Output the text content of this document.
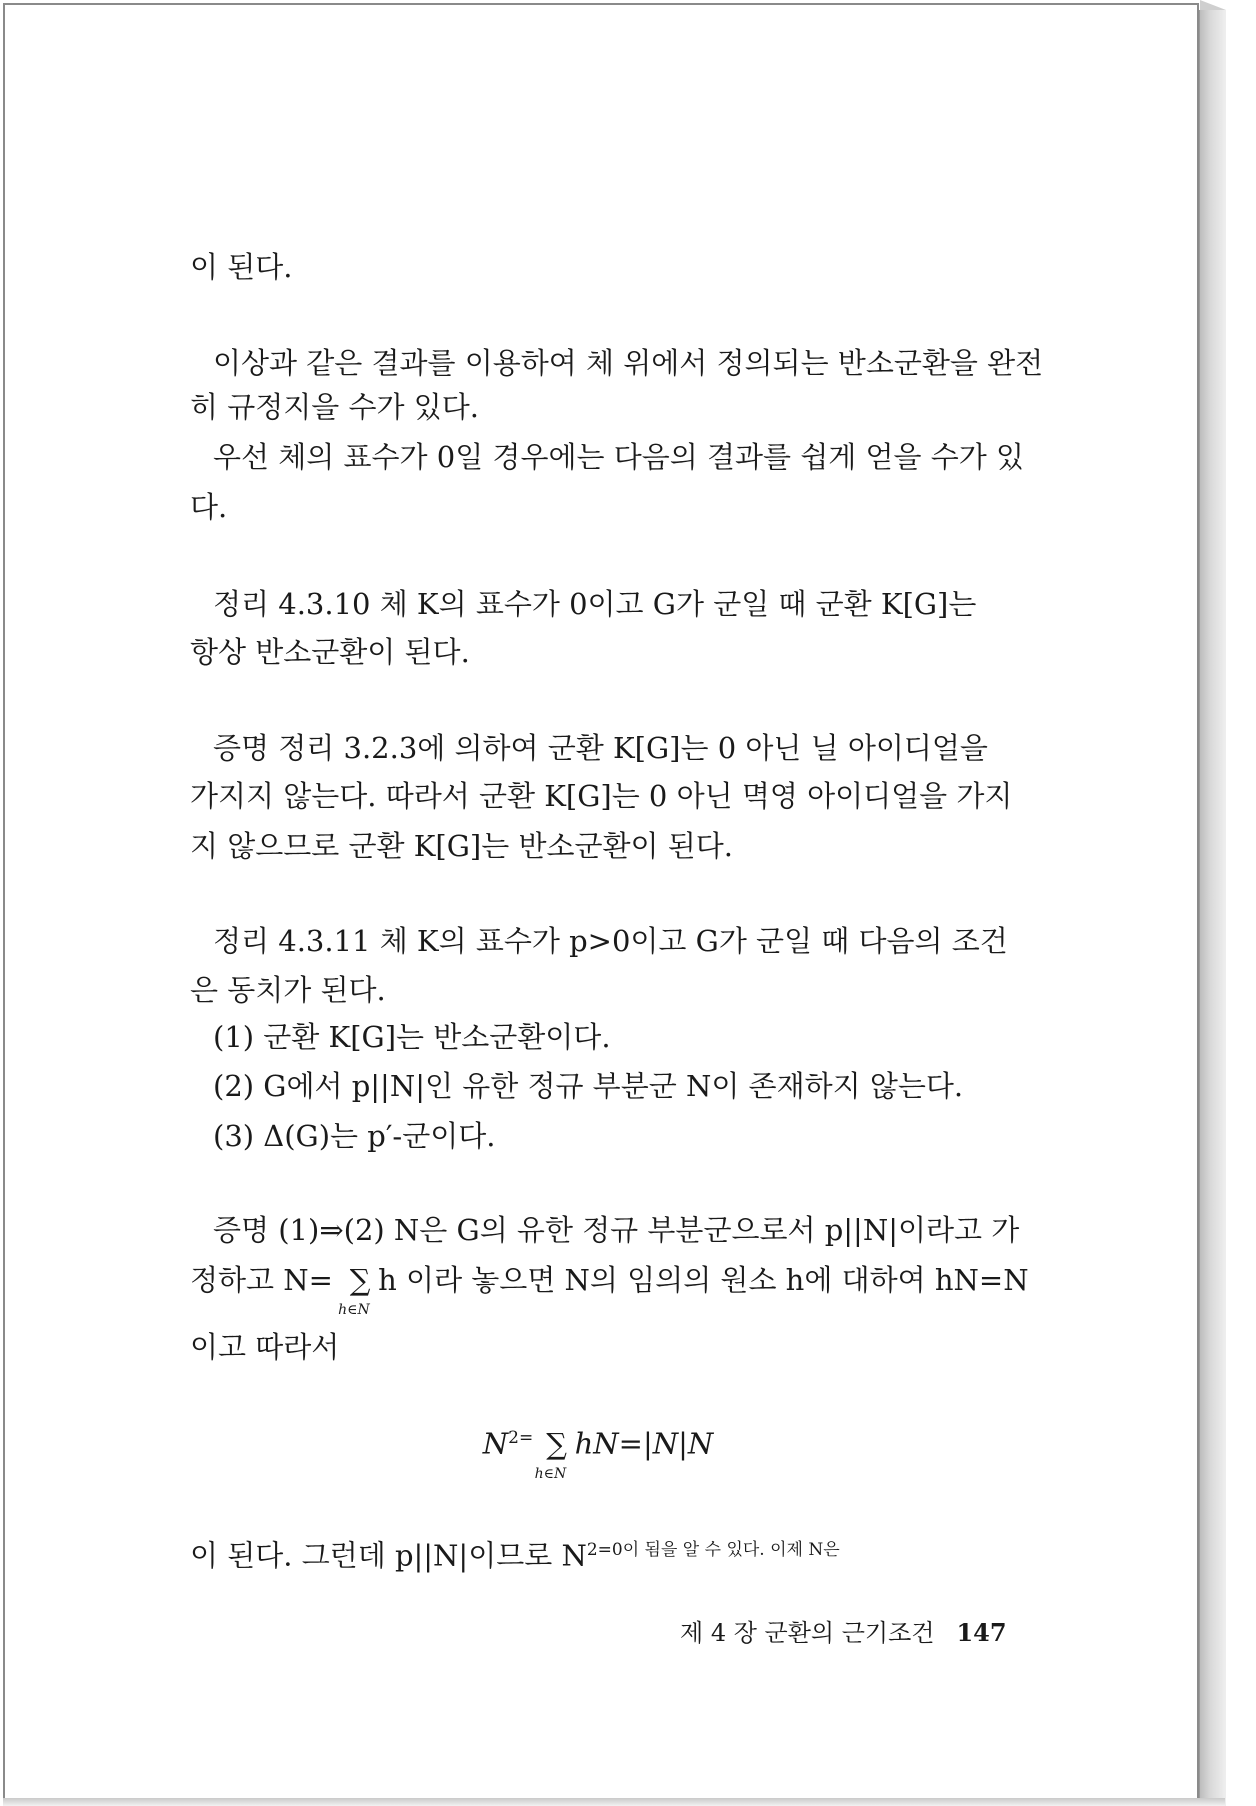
이 된다.
이상과 같은 결과를 이용하여 체 위에서 정의되는 반소군환을 완전
히 규정지을 수가 있다.
우선 체의 표수가 0일 경우에는 다음의 결과를 쉽게 얻을 수가 있
다.
정리 4.3.10 체 K의 표수가 0이고 G가 군일 때 군환 K[G]는
항상 반소군환이 된다.
증명 정리 3.2.3에 의하여 군환 K[G]는 0 아닌 닐 아이디얼을
가지지 않는다. 따라서 군환 K[G]는 0 아닌 멱영 아이디얼을 가지
지 않으므로 군환 K[G]는 반소군환이 된다.
정리 4.3.11 체 K의 표수가 p>0이고 G가 군일 때 다음의 조건
은 동치가 된다.
(1) 군환 K[G]는 반소군환이다.
(2) G에서 p||N|인 유한 정규 부분군 N이 존재하지 않는다.
(3) Δ(G)는 p′-군이다.
증명 (1)⇒(2) N은 G의 유한 정규 부분군으로서 p||N|이라고 가
정하고 N= ∑
h∈N
h 이라 놓으면 N의 임의의 원소 h에 대하여 hN=N
이고 따라서
$N^{2=}$ ∑
h∈N
hN=|N|N
이 된다. 그런데 p||N|이므로 $N^{2=0이 됨을 알 수 있다. 이제 N은}$
제 4 장 군환의 근기조건 147
